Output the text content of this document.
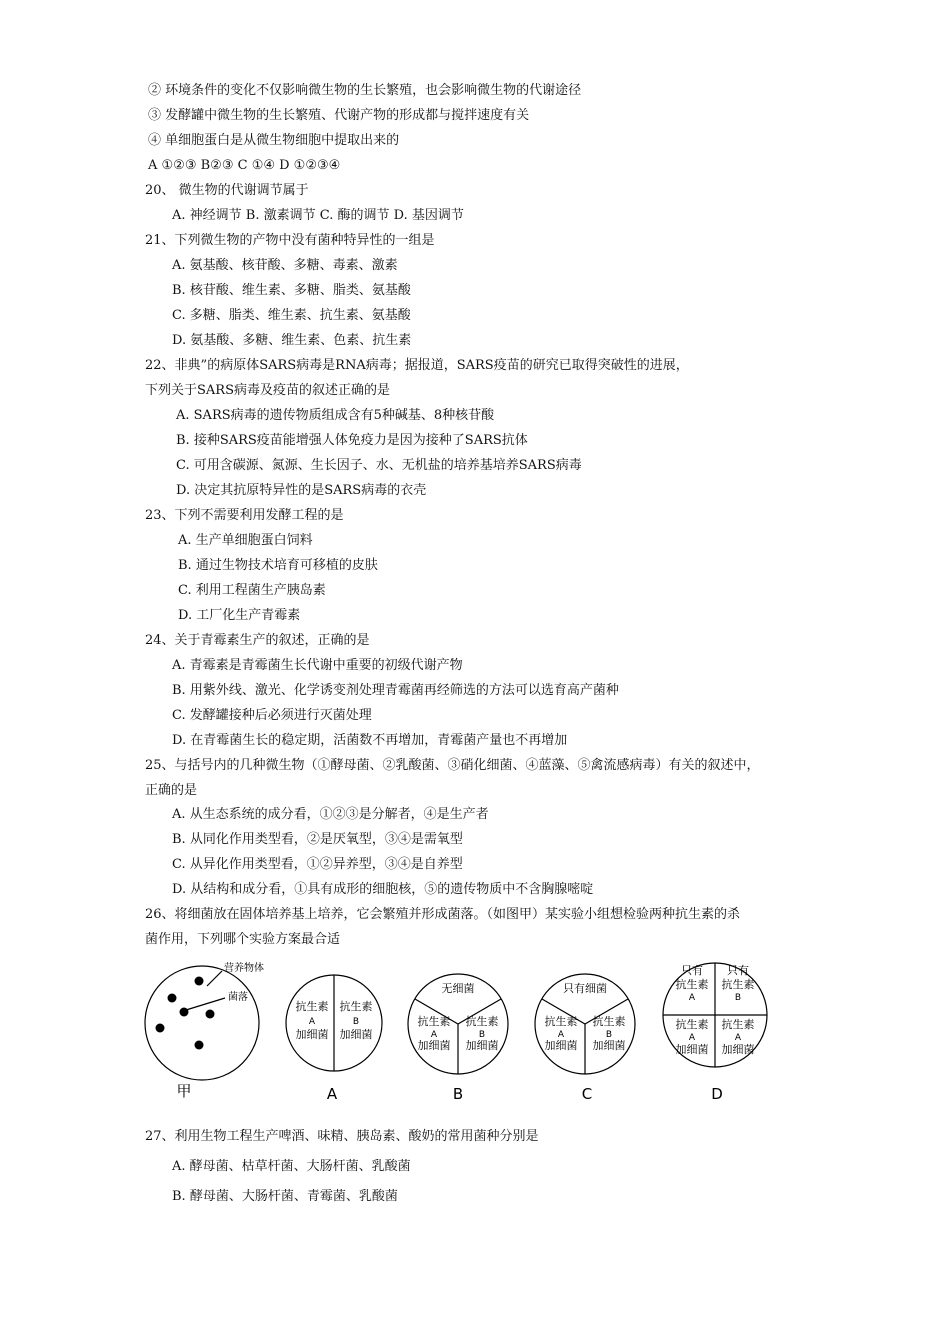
② 环境条件的变化不仅影响微生物的生长繁殖，也会影响微生物的代谢途径
③ 发酵罐中微生物的生长繁殖、代谢产物的形成都与搅拌速度有关
④ 单细胞蛋白是从微生物细胞中提取出来的
A ①②③ B②③ C ①④ D ①②③④
20、 微生物的代谢调节属于
A. 神经调节 B. 激素调节 C. 酶的调节 D. 基因调节
21、下列微生物的产物中没有菌种特异性的一组是
A. 氨基酸、核苷酸、多糖、毒素、激素
B. 核苷酸、维生素、多糖、脂类、氨基酸
C. 多糖、脂类、维生素、抗生素、氨基酸
D. 氨基酸、多糖、维生素、色素、抗生素
22、非典”的病原体SARS病毒是RNA病毒；据报道，SARS疫苗的研究已取得突破性的进展，
下列关于SARS病毒及疫苗的叙述正确的是
A. SARS病毒的遗传物质组成含有5种碱基、8种核苷酸
B. 接种SARS疫苗能增强人体免疫力是因为接种了SARS抗体
C. 可用含碳源、氮源、生长因子、水、无机盐的培养基培养SARS病毒
D. 决定其抗原特异性的是SARS病毒的衣壳
23、下列不需要利用发酵工程的是
A. 生产单细胞蛋白饲料
B. 通过生物技术培育可移植的皮肤
C. 利用工程菌生产胰岛素
D. 工厂化生产青霉素
24、关于青霉素生产的叙述，正确的是
A. 青霉素是青霉菌生长代谢中重要的初级代谢产物
B. 用紫外线、激光、化学诱变剂处理青霉菌再经筛选的方法可以选育高产菌种
C. 发酵罐接种后必须进行灭菌处理
D. 在青霉菌生长的稳定期，活菌数不再增加，青霉菌产量也不再增加
25、与括号内的几种微生物（①酵母菌、②乳酸菌、③硝化细菌、④蓝藻、⑤禽流感病毒）有关的叙述中，
正确的是
A. 从生态系统的成分看，①②③是分解者，④是生产者
B. 从同化作用类型看，②是厌氧型，③④是需氧型
C. 从异化作用类型看，①②异养型，③④是自养型
D. 从结构和成分看，①具有成形的细胞核，⑤的遗传物质中不含胸腺嘧啶
26、将细菌放在固体培养基上培养，它会繁殖并形成菌落。（如图甲）某实验小组想检验两种抗生素的杀
菌作用，下列哪个实验方案最合适
营养物体
菌落
抗生素
A
加细菌
抗生素
B
加细菌
无细菌
抗生素
A
加细菌
抗生素
B
加细菌
只有细菌
抗生素
A
加细菌
抗生素
B
加细菌
只有
抗生素
A
只有
抗生素
B
抗生素
A
加细菌
抗生素
A
加细菌
甲	A	B	C	D
27、利用生物工程生产啤酒、味精、胰岛素、酸奶的常用菌种分别是
A. 酵母菌、枯草杆菌、大肠杆菌、乳酸菌
B. 酵母菌、大肠杆菌、青霉菌、乳酸菌
